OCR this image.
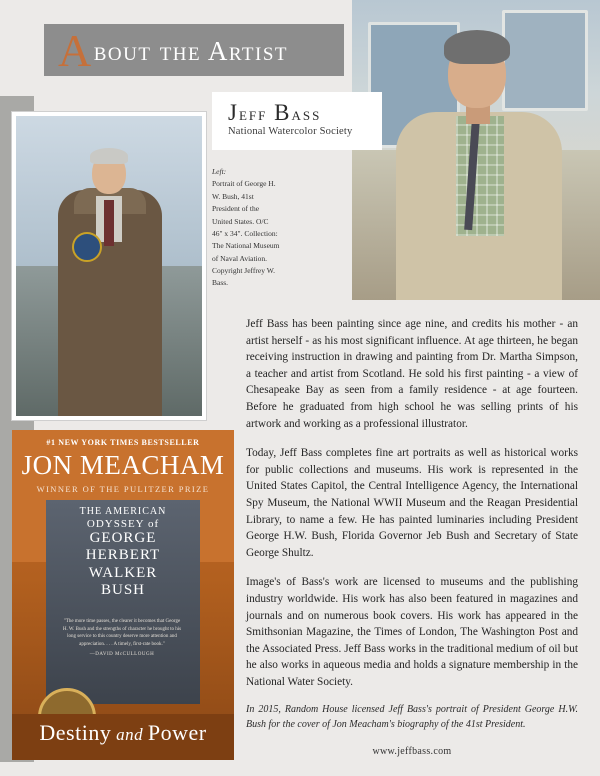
About the Artist
Jeff Bass
National Watercolor Society
Left:
Portrait of George H. W. Bush, 41st President of the United States. O/C 46" x 34". Collection: The National Museum of Naval Aviation. Copyright Jeffrey W. Bass.
#1 NEW YORK TIMES BESTSELLER
JON MEACHAM
WINNER OF THE PULITZER PRIZE
THE AMERICAN
ODYSSEY of
GEORGE
HERBERT
WALKER
BUSH
"The more time passes, the clearer it becomes that George H. W. Bush and the strengths of character he brought to his long service to this country deserve more attention and appreciation. . . . A timely, first-rate book."
—DAVID McCULLOUGH
Destiny and Power

Jeff Bass has been painting since age nine, and credits his mother - an artist herself - as his most significant influence. At age thirteen, he began receiving instruction in drawing and painting from Dr. Martha Simpson, a teacher and artist from Scotland. He sold his first painting - a view of Chesapeake Bay as seen from a family residence - at age fourteen. Before he graduated from high school he was selling prints of his artwork and working as a professional illustrator.

Today, Jeff Bass completes fine art portraits as well as historical works for public collections and museums. His work is represented in the United States Capitol, the Central Intelligence Agency, the International Spy Museum, the National WWII Museum and the Reagan Presidential Library, to name a few. He has painted luminaries including President George H.W. Bush, Florida Governor Jeb Bush and Secretary of State George Shultz.

Image's of Bass's work are licensed to museums and the publishing industry worldwide. His work has also been featured in magazines and journals and on numerous book covers. His work has appeared in the Smithsonian Magazine, the Times of London, The Washington Post and the Associated Press. Jeff Bass works in the traditional medium of oil but he also works in aqueous media and holds a signature membership in the National Water Society.

In 2015, Random House licensed Jeff Bass's portrait of President George H.W. Bush for the cover of Jon Meacham's biography of the 41st President.

www.jeffbass.com
